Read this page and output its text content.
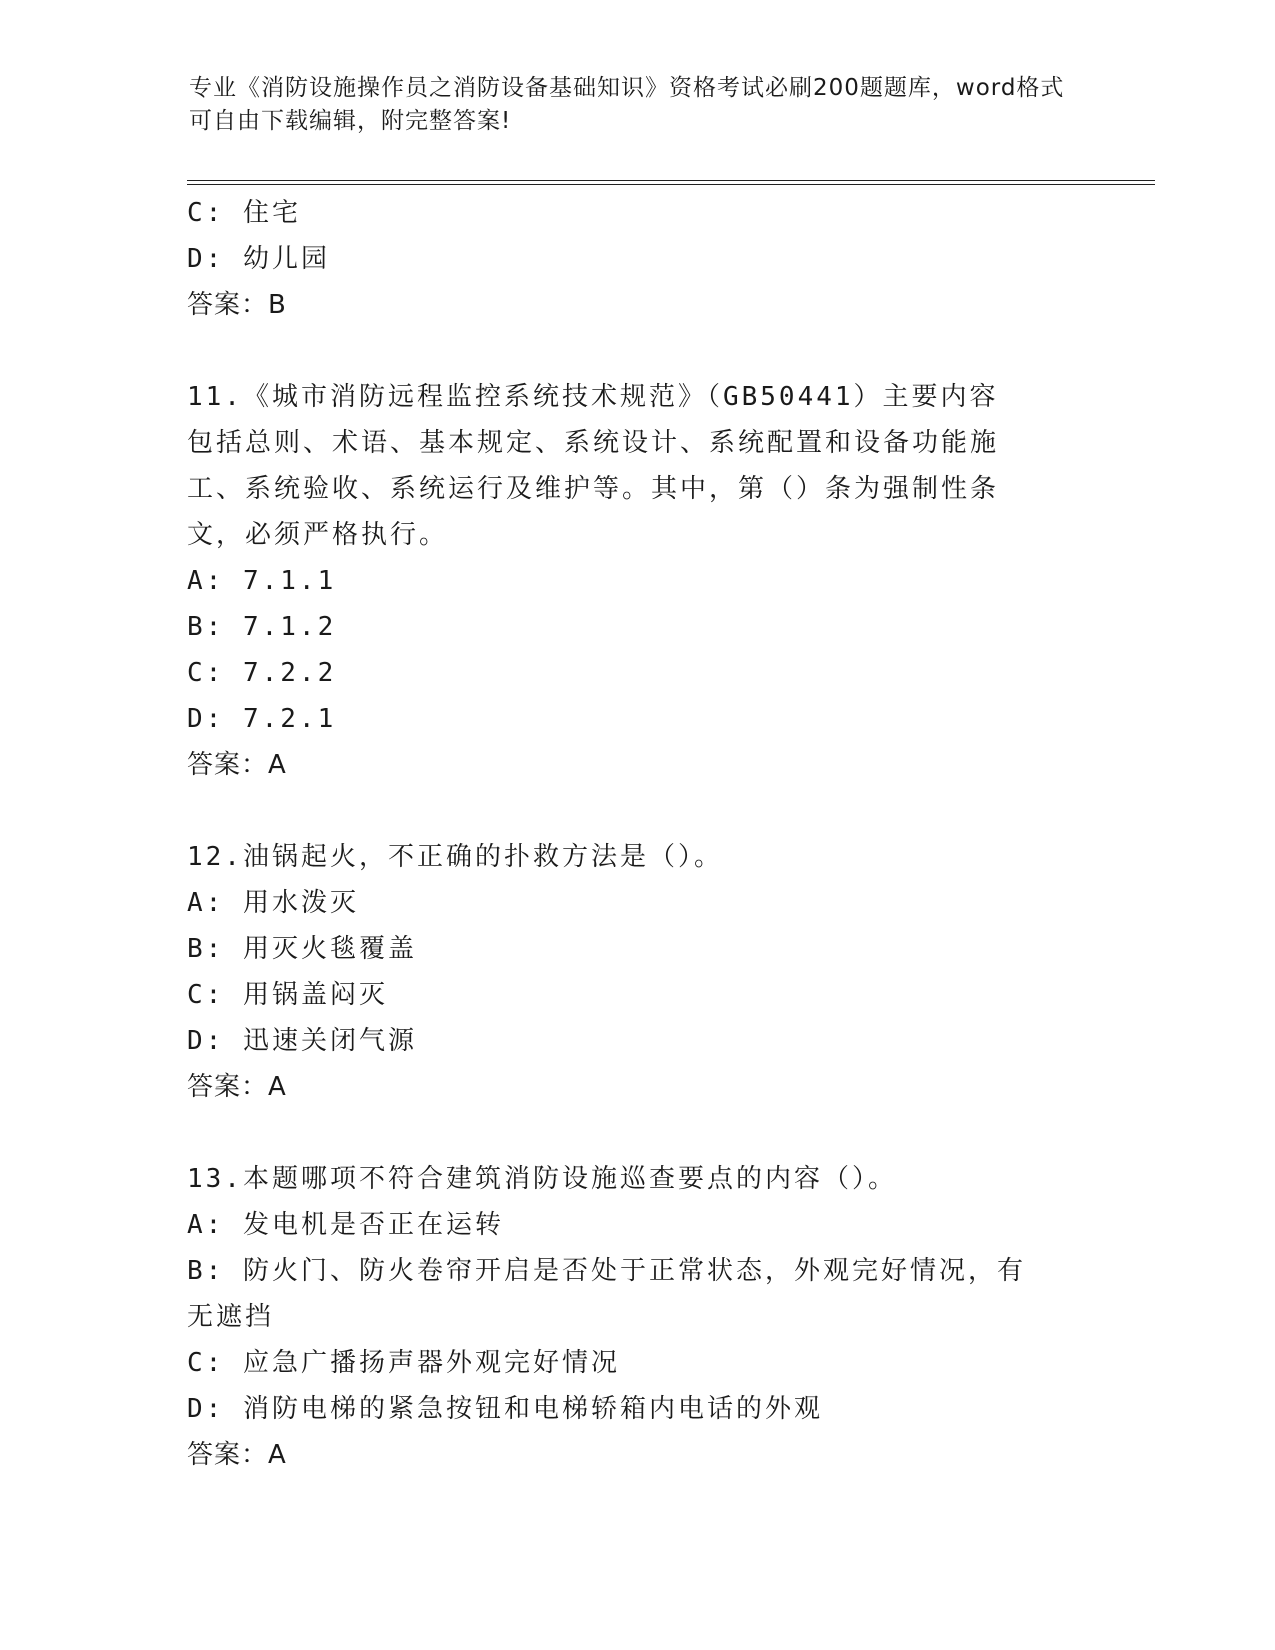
专业《消防设施操作员之消防设备基础知识》资格考试必刷200题题库，word格式可自由下载编辑，附完整答案!
C: 住宅
D: 幼儿园
答案：B
11.《城市消防远程监控系统技术规范》（GB50441）主要内容包括总则、术语、基本规定、系统设计、系统配置和设备功能施工、系统验收、系统运行及维护等。其中，第（）条为强制性条文，必须严格执行。
A: 7.1.1
B: 7.1.2
C: 7.2.2
D: 7.2.1
答案：A
12.油锅起火，不正确的扑救方法是（）。
A: 用水泼灭
B: 用灭火毯覆盖
C: 用锅盖闷灭
D: 迅速关闭气源
答案：A
13.本题哪项不符合建筑消防设施巡查要点的内容（）。
A: 发电机是否正在运转
B: 防火门、防火卷帘开启是否处于正常状态，外观完好情况，有无遮挡
C: 应急广播扬声器外观完好情况
D: 消防电梯的紧急按钮和电梯轿箱内电话的外观
答案：A
